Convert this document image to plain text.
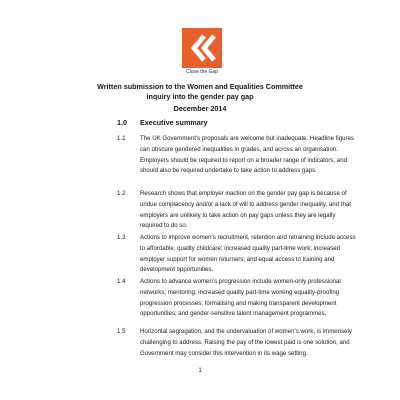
Close the Gap
Written submission to the Women and Equalities Committee
inquiry into the gender pay gap
December 2014
1.0 Executive summary
1.1 The UK Government’s proposals are welcome but inadequate. Headline figures can obscure gendered inequalities in grades, and across an organisation. Employers should be required to report on a broader range of indicators, and should also be required undertake to take action to address gaps.
1.2 Research shows that employer inaction on the gender pay gap is because of undue complacency and/or a lack of will to address gender inequality, and that employers are unlikely to take action on pay gaps unless they are legally required to do so.
1.3 Actions to improve women’s recruitment, retention and retraining include access to affordable, quality childcare; increased quality part-time work; increased employer support for women returners; and equal access to training and development opportunities.
1.4 Actions to advance women’s progression include women-only professional networks; mentoring; increased quality part-time working equality-proofing progression processes; formalising and making transparent development opportunities; and gender-sensitive talent management programmes.
1.5 Horizontal segregation, and the undervaluation of women’s work, is immensely challenging to address. Raising the pay of the lowest paid is one solution, and Government may consider this intervention in its wage setting.
1
